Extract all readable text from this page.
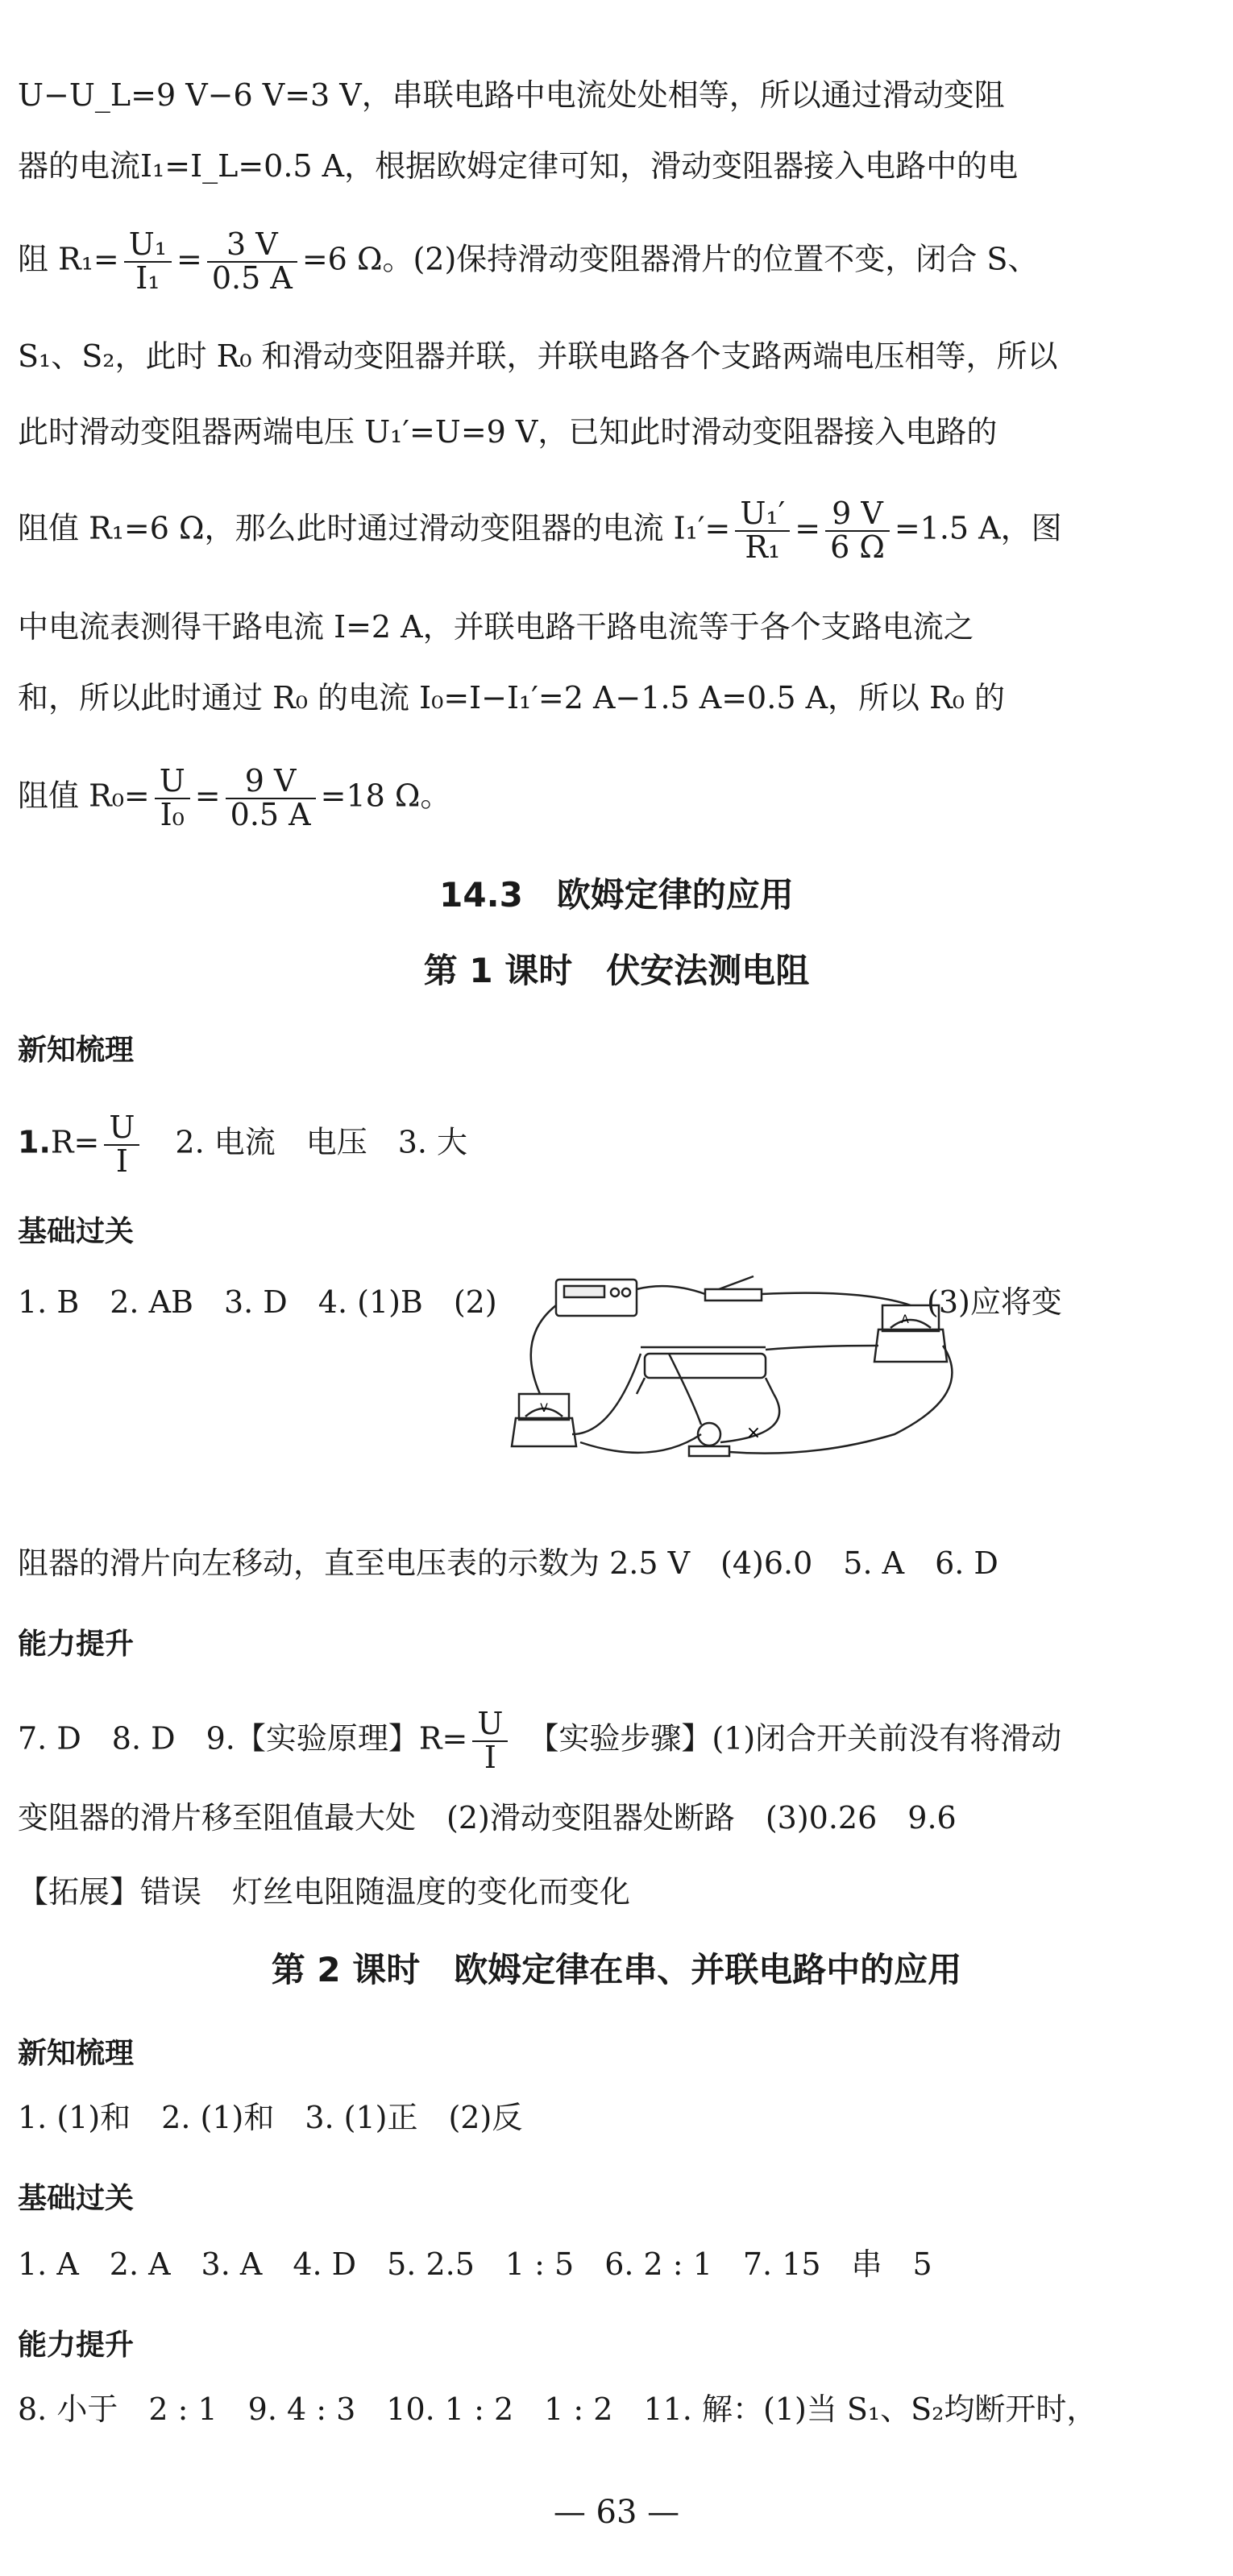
U−U_L=9 V−6 V=3 V，串联电路中电流处处相等，所以通过滑动变阻
器的电流I₁=I_L=0.5 A，根据欧姆定律可知，滑动变阻器接入电路中的电
阻 $R_1= \frac{\text{U₁}}{\text{I₁}} = \frac{3 V}{0.5 A} =6$ Ω。(2)保持滑动变阻器滑片的位置不变，闭合 S、
S₁、S₂，此时 R₀ 和滑动变阻器并联，并联电路各个支路两端电压相等，所以
此时滑动变阻器两端电压 U₁′=U=9 V，已知此时滑动变阻器接入电路的
阻值 R₁=6 Ω，那么此时通过滑动变阻器的电流 $I_1'= \frac{\text{U₁′}}{\text{R₁}} = \frac{9 V}{6 \Omega} =1.5$ A，图
中电流表测得干路电流 I=2 A，并联电路干路电流等于各个支路电流之
和，所以此时通过 R₀ 的电流 I₀=I−I₁′=2 A−1.5 A=0.5 A，所以 R₀ 的
阻值 $R_0= \frac{U}{\text{I₀}} = \frac{9 V}{0.5 A} =18$ Ω。
14.3　欧姆定律的应用
第 1 课时　伏安法测电阻
新知梳理
$1.R= \frac{U}{I}$
　 2. 电流　电压　3. 大
基础过关
1. B　2. AB　3. D　4. (1)B　(2)	(3)应将变
A
V
×
阻器的滑片向左移动，直至电压表的示数为 2.5 V　(4)6.0　5. A　6. D
能力提升
7. D　8. D　9.【实验原理】$R= \frac{U}{I}$
　 【实验步骤】(1)闭合开关前没有将滑动
变阻器的滑片移至阻值最大处　(2)滑动变阻器处断路　(3)0.26　9.6
【拓展】错误　灯丝电阻随温度的变化而变化
第 2 课时　欧姆定律在串、并联电路中的应用
新知梳理
1. (1)和　2. (1)和　3. (1)正　(2)反
基础过关
1. A　2. A　3. A　4. D　5. 2.5　1 : 5　6. 2 : 1　7. 15　串　5
能力提升
8. 小于　2 : 1　9. 4 : 3　10. 1 : 2　1 : 2　11. 解：(1)当 S₁、S₂均断开时，
— 63 —
